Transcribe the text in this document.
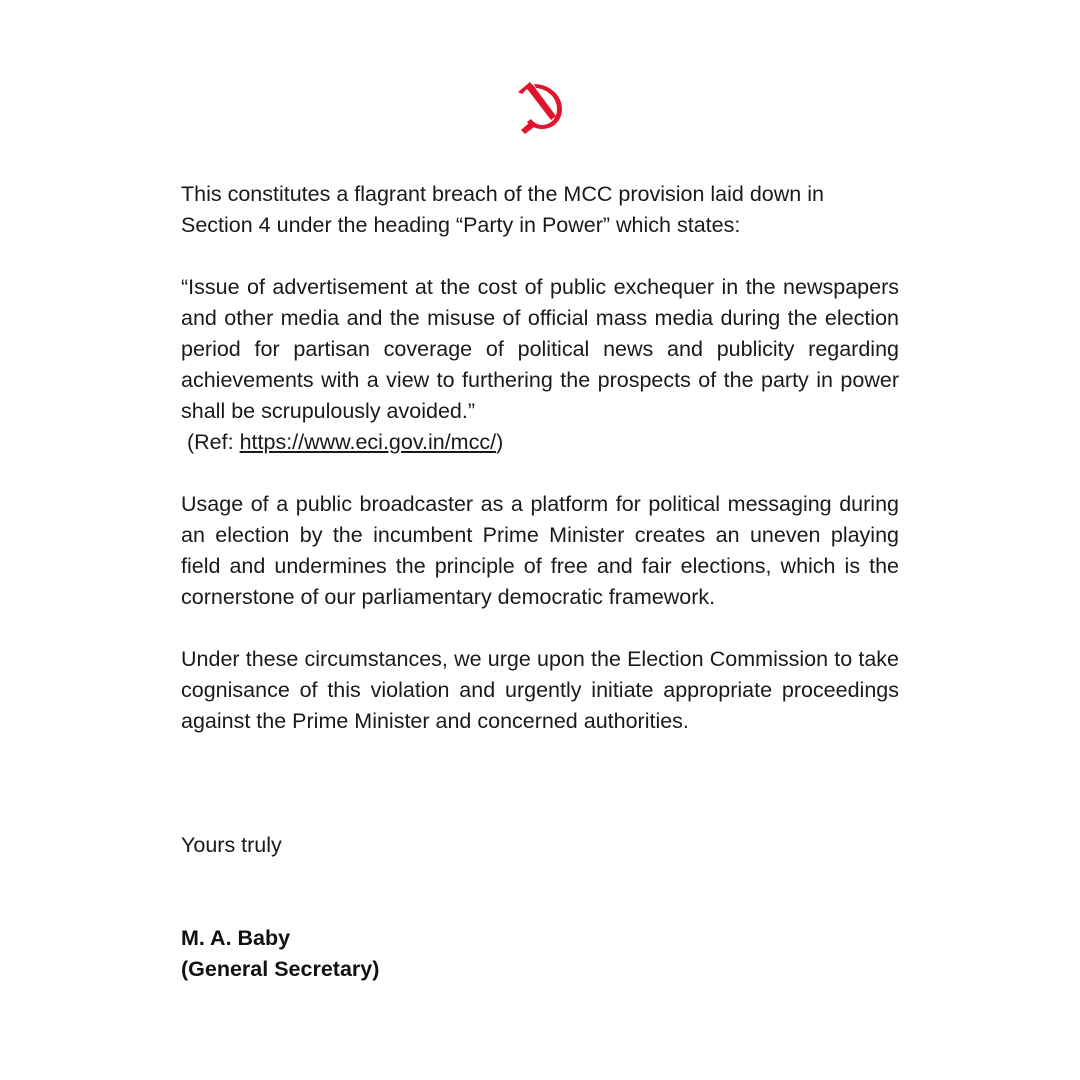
This constitutes a flagrant breach of the MCC provision laid down in Section 4 under the heading “Party in Power” which states:

“Issue of advertisement at the cost of public exchequer in the newspapers and other media and the misuse of official mass media during the election period for partisan coverage of political news and publicity regarding achievements with a view to furthering the prospects of the party in power shall be scrupulously avoided.”

(Ref: https://www.eci.gov.in/mcc/)

Usage of a public broadcaster as a platform for political messaging during an election by the incumbent Prime Minister creates an uneven playing field and undermines the principle of free and fair elections, which is the cornerstone of our parliamentary democratic framework.

Under these circumstances, we urge upon the Election Commission to take cognisance of this violation and urgently initiate appropriate proceedings against the Prime Minister and concerned authorities.

Yours truly
M. A. Baby
(General Secretary)
